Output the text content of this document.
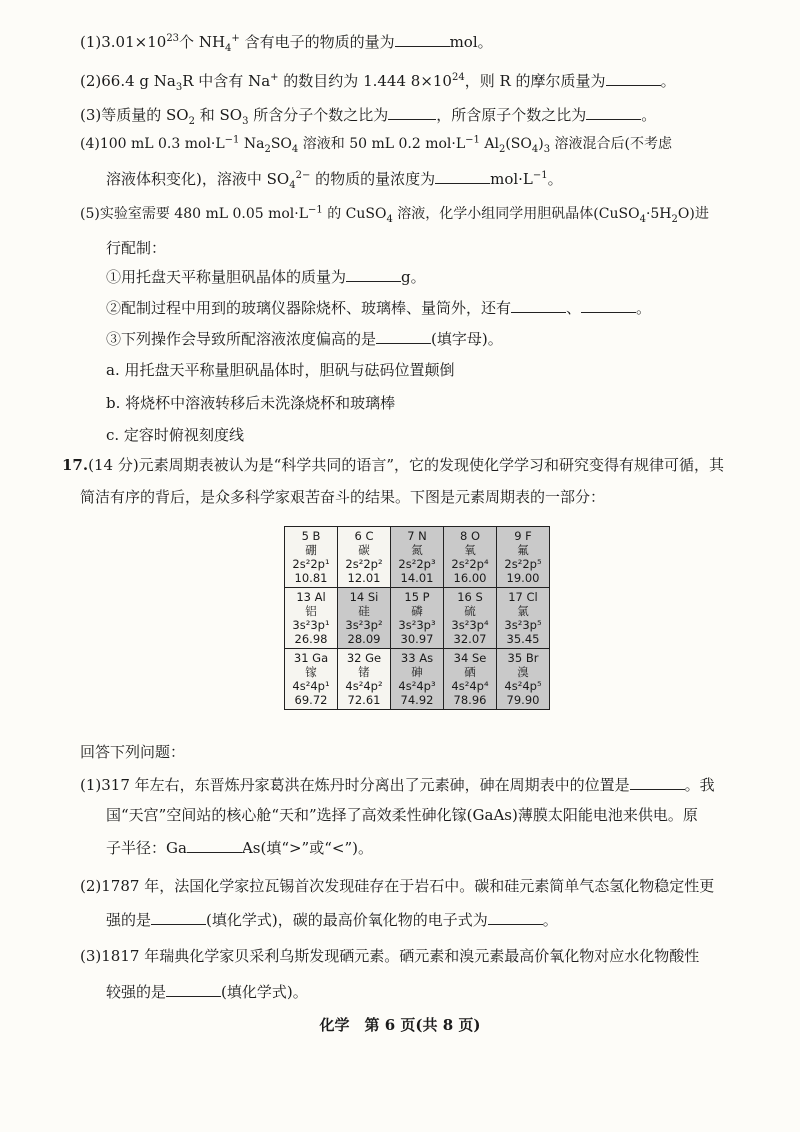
$(1)3.01\times 10^{23}$个 $NH_4^+$ 含有电子的物质的量为	mol。
(2)66.4 g $Na_3R$ 中含有 Na+ 的数目约为 1.444 $8\times 10^{24}$，则 R 的摩尔质量为	。
(3)等质量的 $SO_2$ 和 $SO_3$ 所含分子个数之比为	，所含原子个数之比为	。
(4)100 mL 0.3 $mol\cdot L^{-1}$ $Na_2SO_4$ 溶液和 50 mL 0.2 $mol\cdot L^{-1}$ $Al_2(SO_4)_3$ 溶液混合后(不考虑
溶液体积变化)，溶液中 $SO_4^{2-}$ 的物质的量浓度为	$mol\cdot L^{-1}$。
(5)实验室需要 480 mL 0.05 $mol\cdot L^{-1}$ 的 CuSO$_4$ 溶液，化学小组同学用胆矾晶体$(CuSO_4\cdot 5H_2O)$进
行配制：
①用托盘天平称量胆矾晶体的质量为	g。
②配制过程中用到的玻璃仪器除烧杯、玻璃棒、量筒外，还有	、	。
③下列操作会导致所配溶液浓度偏高的是	(填字母)。
a. 用托盘天平称量胆矾晶体时，胆矾与砝码位置颠倒
b. 将烧杯中溶液转移后未洗涤烧杯和玻璃棒
c. 定容时俯视刻度线
17.(14 分)元素周期表被认为是“科学共同的语言”，它的发现使化学学习和研究变得有规律可循，其
简洁有序的背后，是众多科学家艰苦奋斗的结果。下图是元素周期表的一部分：
5 B
硼
2s²2p¹
10.81	6 C
碳
2s²2p²
12.01	7 N
氮
2s²2p³
14.01	8 O
氧
2s²2p⁴
16.00	9 F
氟
2s²2p⁵
19.00

13 Al
铝
3s²3p¹
26.98	14 Si
硅
3s²3p²
28.09	15 P
磷
3s²3p³
30.97	16 S
硫
3s²3p⁴
32.07	17 Cl
氯
3s²3p⁵
35.45

31 Ga
镓
4s²4p¹
69.72	32 Ge
锗
4s²4p²
72.61	33 As
砷
4s²4p³
74.92	34 Se
硒
4s²4p⁴
78.96	35 Br
溴
4s²4p⁵
79.90
回答下列问题：
(1)317 年左右，东晋炼丹家葛洪在炼丹时分离出了元素砷，砷在周期表中的位置是	。我
国“天宫”空间站的核心舱“天和”选择了高效柔性砷化镓(GaAs)薄膜太阳能电池来供电。原
子半径：Ga	As(填“>”或“<”)。
(2)1787 年，法国化学家拉瓦锡首次发现硅存在于岩石中。碳和硅元素简单气态氢化物稳定性更
强的是	(填化学式)，碳的最高价氧化物的电子式为	。
(3)1817 年瑞典化学家贝采利乌斯发现硒元素。硒元素和溴元素最高价氧化物对应水化物酸性
较强的是	(填化学式)。
化学　第 6 页(共 8 页)
